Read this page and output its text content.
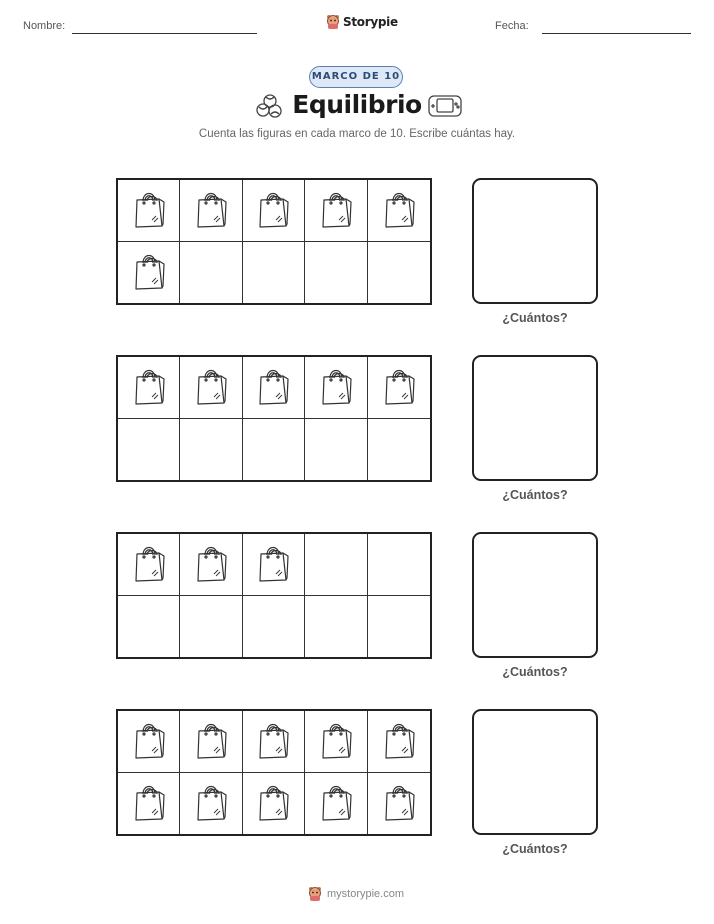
Nombre:	Storypie	Fecha:
MARCO DE 10
Equilibrio
Cuenta las figuras en cada marco de 10. Escribe cuántas hay.
¿Cuántos?
¿Cuántos?
¿Cuántos?
¿Cuántos?
mystorypie.com
